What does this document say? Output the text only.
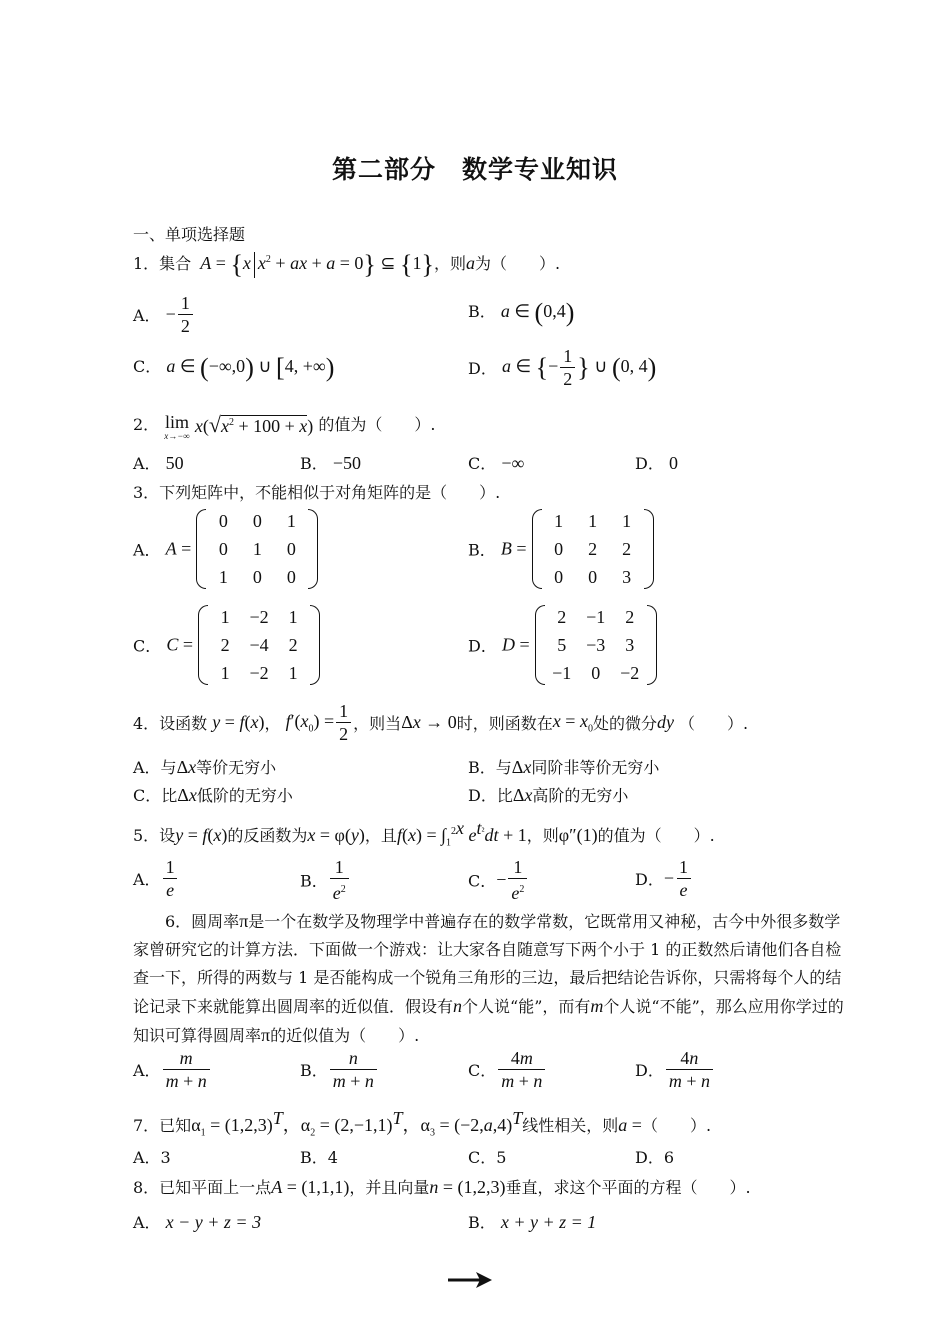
第二部分　数学专业知识
一、单项选择题
1．集合 A = {x $x^2$ + ax + a = 0} ⊆ {1}，则a为（　　）.
A． − $\frac{1}{2}$	B． a ∈ (0,4)
C． a ∈ (−∞,0) ∪ [4, +∞)	D． a ∈ {− $\frac{1}{2}$ } ∪ (0, 4)
2． lim
x→−∞ $x(√x^2 + 100 + x)$ 的值为（　　）.
A． 50	B． −50	C． −∞	D． 0
3．下列矩阵中，不能相似于对角矩阵的是（　　）.
A． A =
0	0	1
0	1	0
1	0	0
B． B =
1	1	1
0	2	2
0	0	3
C． C =
1	−2	1
2	−4	2
1	−2	1
D． D =
2	−1	2
5	−3	3
−1	0	−2
4．设函数 y = f(x)， $f'(x_0) = \frac{1}{2}$ ，则当Δx → 0时，则函数在$x = x_0$处的微分dy （　　）.
A．与Δx等价无穷小	B．与Δx同阶非等价无穷小
C．比Δx低阶的无穷小	D．比Δx高阶的无穷小
5．设y = f(x)的反函数为x = φ(y)，且$f(x) = \int_1^{2x}$ $e^{t^2}dt + 1$，则φ″(1)的值为（　　）.
A． $\frac{1}{e}$	B． $\frac{1}{e^2}$	C．− $\frac{1}{e^2}$	D．− $\frac{1}{e}$
6．圆周率π是一个在数学及物理学中普遍存在的数学常数，它既常用又神秘，古今中外很多数学家曾研究它的计算方法．下面做一个游戏：让大家各自随意写下两个小于 1 的正数然后请他们各自检查一下，所得的两数与 1 是否能构成一个锐角三角形的三边，最后把结论告诉你，只需将每个人的结论记录下来就能算出圆周率的近似值．假设有n个人说“能”，而有m个人说“不能”，那么应用你学过的知识可算得圆周率π的近似值为（　　）.
A． $\frac{m}{m + n}$	B． $\frac{n}{m + n}$	C． $\frac{4m}{m + n}$	D． $\frac{4n}{m + n}$
7．已知$\alpha_1 = (1,2,3)^T$，$\alpha_2 = (2,-1,1)^T$，$\alpha_3 = (-2,a,4)^T$线性相关，则a =（　　）.
A．3	B．4	C．5	D．6
8．已知平面上一点A = (1,1,1)，并且向量n = (1,2,3)垂直，求这个平面的方程（　　）.
A． x − y + z = 3	B． x + y + z = 1
